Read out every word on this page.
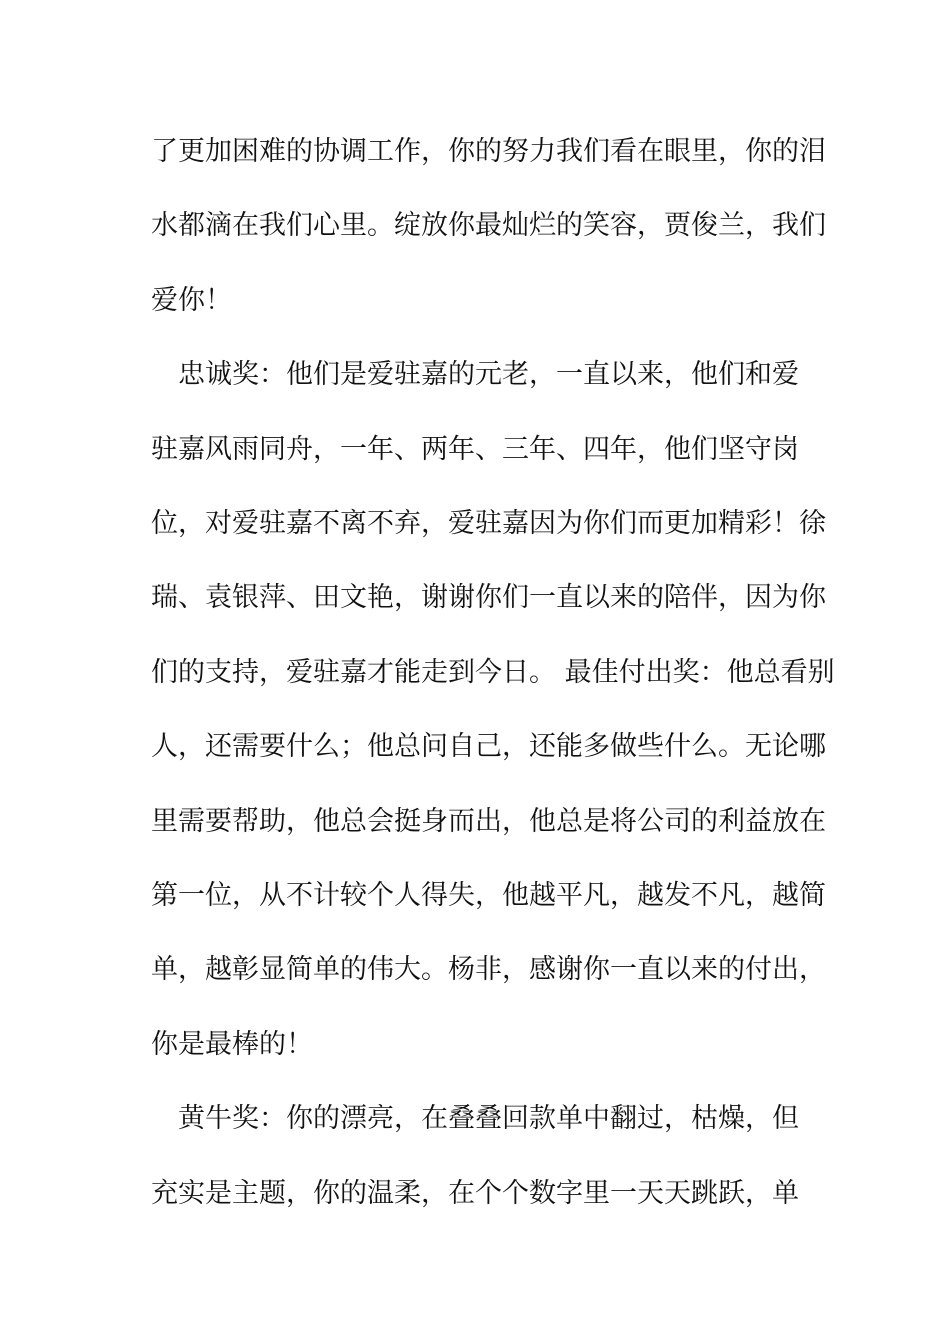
了更加困难的协调工作，你的努力我们看在眼里，你的泪
水都滴在我们心里。绽放你最灿烂的笑容，贾俊兰，我们
爱你！
　忠诚奖：他们是爱驻嘉的元老，一直以来，他们和爱
驻嘉风雨同舟，一年、两年、三年、四年，他们坚守岗
位，对爱驻嘉不离不弃，爱驻嘉因为你们而更加精彩！徐
瑞、袁银萍、田文艳，谢谢你们一直以来的陪伴，因为你
们的支持，爱驻嘉才能走到今日。 最佳付出奖：他总看别
人，还需要什么；他总问自己，还能多做些什么。无论哪
里需要帮助，他总会挺身而出，他总是将公司的利益放在
第一位，从不计较个人得失，他越平凡，越发不凡，越简
单，越彰显简单的伟大。杨非，感谢你一直以来的付出，
你是最棒的！
　黄牛奖：你的漂亮，在叠叠回款单中翻过，枯燥，但
充实是主题，你的温柔，在个个数字里一天天跳跃，单
